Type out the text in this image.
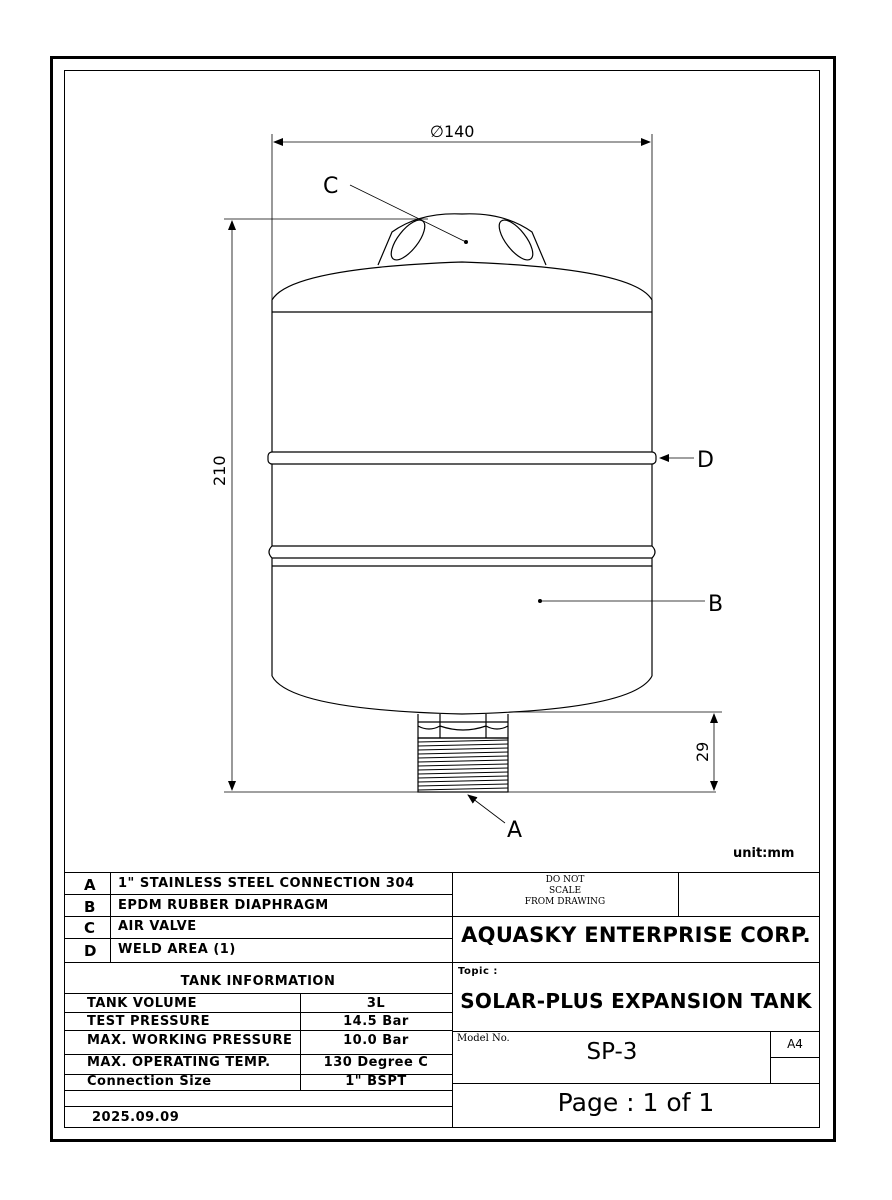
∅140
210
29
C
D
B
A
unit:mm
A 1" STAINLESS STEEL CONNECTION 304
B EPDM RUBBER DIAPHRAGM
C AIR VALVE
D WELD AREA (1)
TANK INFORMATION
TANK VOLUME	3L
TEST PRESSURE	14.5 Bar
MAX. WORKING PRESSURE	10.0 Bar
MAX. OPERATING TEMP.	130 Degree C
Connection Size	1" BSPT
2025.09.09
DO NOT
SCALE
FROM DRAWING
AQUASKY ENTERPRISE CORP.
Topic :
SOLAR-PLUS EXPANSION TANK
Model No.
SP-3	A4
Page : 1 of 1
